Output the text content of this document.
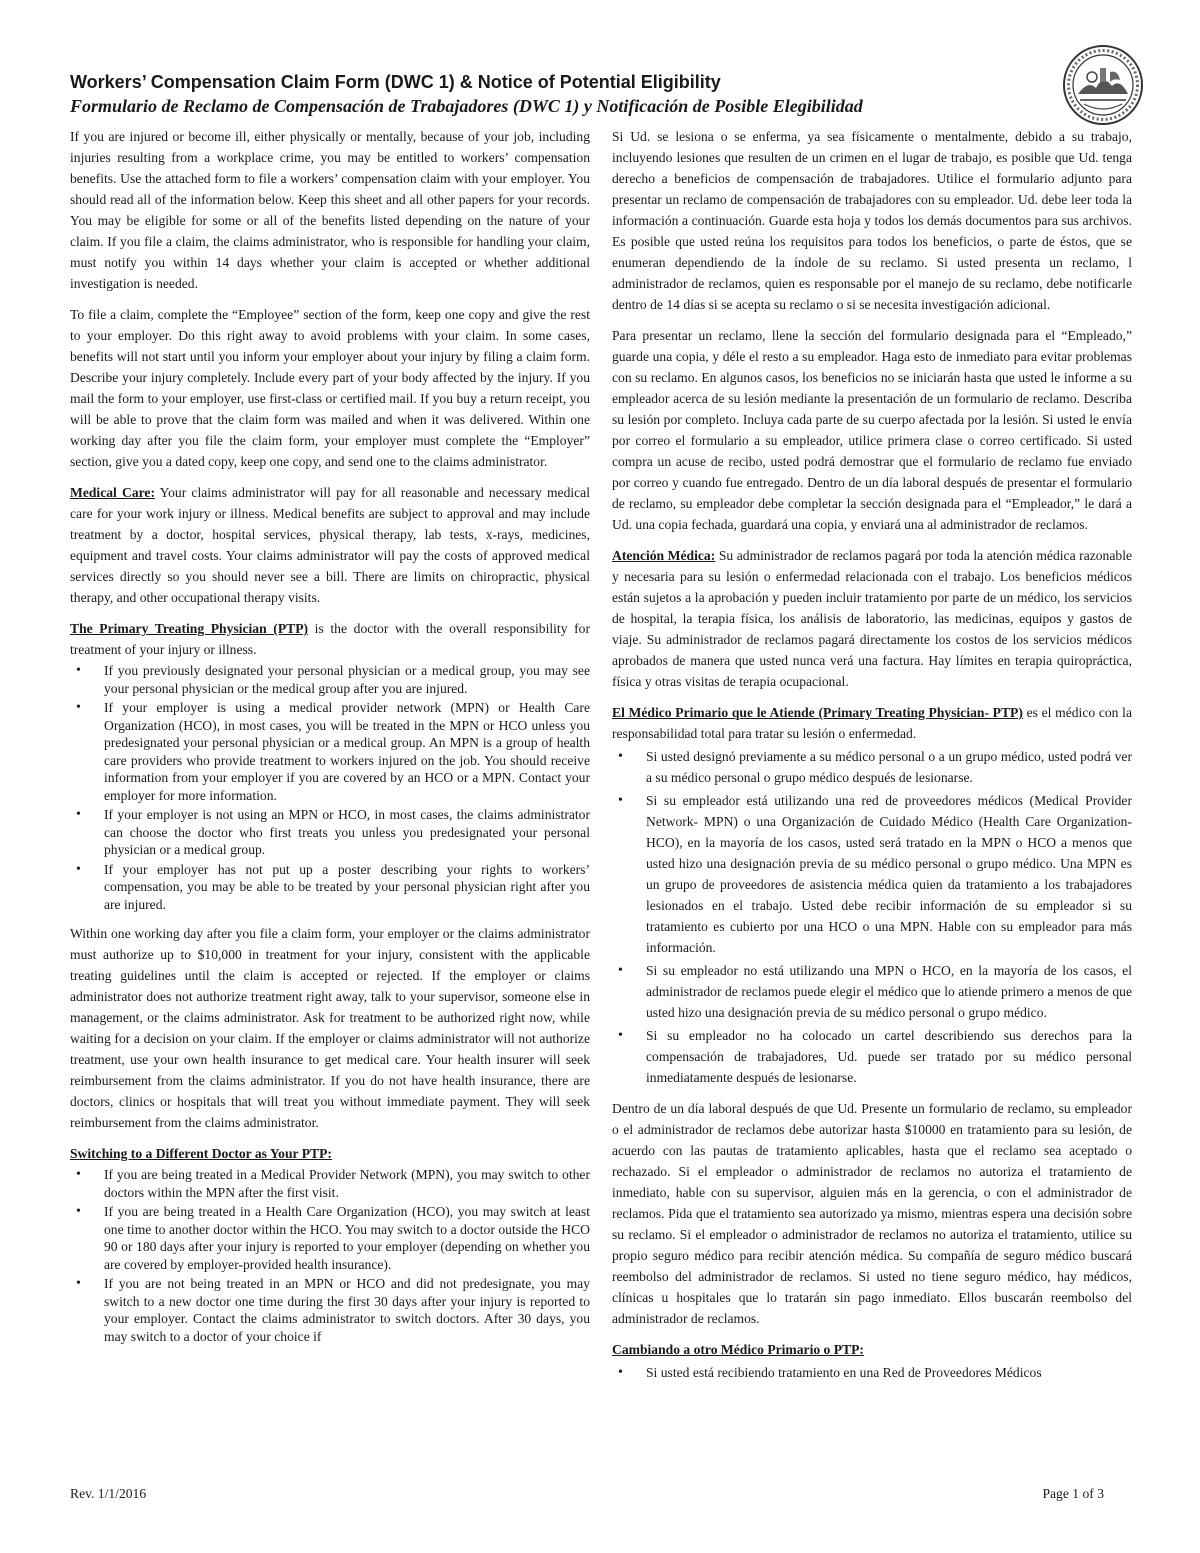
Workers’ Compensation Claim Form (DWC 1) & Notice of Potential Eligibility

Formulario de Reclamo de Compensación de Trabajadores (DWC 1) y Notificación de Posible Elegibilidad

If you are injured or become ill, either physically or mentally, because of your job, including injuries resulting from a workplace crime, you may be entitled to workers’ compensation benefits. Use the attached form to file a workers’ compensation claim with your employer. You should read all of the information below. Keep this sheet and all other papers for your records. You may be eligible for some or all of the benefits listed depending on the nature of your claim. If you file a claim, the claims administrator, who is responsible for handling your claim, must notify you within 14 days whether your claim is accepted or whether additional investigation is needed.

To file a claim, complete the “Employee” section of the form, keep one copy and give the rest to your employer. Do this right away to avoid problems with your claim. In some cases, benefits will not start until you inform your employer about your injury by filing a claim form. Describe your injury completely. Include every part of your body affected by the injury. If you mail the form to your employer, use first-class or certified mail. If you buy a return receipt, you will be able to prove that the claim form was mailed and when it was delivered. Within one working day after you file the claim form, your employer must complete the “Employer” section, give you a dated copy, keep one copy, and send one to the claims administrator.

Medical Care: Your claims administrator will pay for all reasonable and necessary medical care for your work injury or illness. Medical benefits are subject to approval and may include treatment by a doctor, hospital services, physical therapy, lab tests, x-rays, medicines, equipment and travel costs. Your claims administrator will pay the costs of approved medical services directly so you should never see a bill. There are limits on chiropractic, physical therapy, and other occupational therapy visits.

The Primary Treating Physician (PTP) is the doctor with the overall responsibility for treatment of your injury or illness.

• If you previously designated your personal physician or a medical group, you may see your personal physician or the medical group after you are injured.
• If your employer is using a medical provider network (MPN) or Health Care Organization (HCO), in most cases, you will be treated in the MPN or HCO unless you predesignated your personal physician or a medical group. An MPN is a group of health care providers who provide treatment to workers injured on the job. You should receive information from your employer if you are covered by an HCO or a MPN. Contact your employer for more information.
• If your employer is not using an MPN or HCO, in most cases, the claims administrator can choose the doctor who first treats you unless you predesignated your personal physician or a medical group.
• If your employer has not put up a poster describing your rights to workers’ compensation, you may be able to be treated by your personal physician right after you are injured.

Within one working day after you file a claim form, your employer or the claims administrator must authorize up to $10,000 in treatment for your injury, consistent with the applicable treating guidelines until the claim is accepted or rejected. If the employer or claims administrator does not authorize treatment right away, talk to your supervisor, someone else in management, or the claims administrator. Ask for treatment to be authorized right now, while waiting for a decision on your claim. If the employer or claims administrator will not authorize treatment, use your own health insurance to get medical care. Your health insurer will seek reimbursement from the claims administrator. If you do not have health insurance, there are doctors, clinics or hospitals that will treat you without immediate payment. They will seek reimbursement from the claims administrator.

Switching to a Different Doctor as Your PTP:

• If you are being treated in a Medical Provider Network (MPN), you may switch to other doctors within the MPN after the first visit.
• If you are being treated in a Health Care Organization (HCO), you may switch at least one time to another doctor within the HCO. You may switch to a doctor outside the HCO 90 or 180 days after your injury is reported to your employer (depending on whether you are covered by employer-provided health insurance).
• If you are not being treated in an MPN or HCO and did not predesignate, you may switch to a new doctor one time during the first 30 days after your injury is reported to your employer. Contact the claims administrator to switch doctors. After 30 days, you may switch to a doctor of your choice if

Si Ud. se lesiona o se enferma, ya sea físicamente o mentalmente, debido a su trabajo, incluyendo lesiones que resulten de un crimen en el lugar de trabajo, es posible que Ud. tenga derecho a beneficios de compensación de trabajadores. Utilice el formulario adjunto para presentar un reclamo de compensación de trabajadores con su empleador. Ud. debe leer toda la información a continuación. Guarde esta hoja y todos los demás documentos para sus archivos. Es posible que usted reúna los requisitos para todos los beneficios, o parte de éstos, que se enumeran dependiendo de la índole de su reclamo. Si usted presenta un reclamo, l administrador de reclamos, quien es responsable por el manejo de su reclamo, debe notificarle dentro de 14 días si se acepta su reclamo o si se necesita investigación adicional.

Para presentar un reclamo, llene la sección del formulario designada para el “Empleado,” guarde una copia, y déle el resto a su empleador. Haga esto de inmediato para evitar problemas con su reclamo. En algunos casos, los beneficios no se iniciarán hasta que usted le informe a su empleador acerca de su lesión mediante la presentación de un formulario de reclamo. Describa su lesión por completo. Incluya cada parte de su cuerpo afectada por la lesión. Si usted le envía por correo el formulario a su empleador, utilice primera clase o correo certificado. Si usted compra un acuse de recibo, usted podrá demostrar que el formulario de reclamo fue enviado por correo y cuando fue entregado. Dentro de un día laboral después de presentar el formulario de reclamo, su empleador debe completar la sección designada para el “Empleador,” le dará a Ud. una copia fechada, guardará una copia, y enviará una al administrador de reclamos.

Atención Médica: Su administrador de reclamos pagará por toda la atención médica razonable y necesaria para su lesión o enfermedad relacionada con el trabajo. Los beneficios médicos están sujetos a la aprobación y pueden incluir tratamiento por parte de un médico, los servicios de hospital, la terapia física, los análisis de laboratorio, las medicinas, equipos y gastos de viaje. Su administrador de reclamos pagará directamente los costos de los servicios médicos aprobados de manera que usted nunca verá una factura. Hay límites en terapia quiropráctica, física y otras visitas de terapia ocupacional.

El Médico Primario que le Atiende (Primary Treating Physician- PTP) es el médico con la responsabilidad total para tratar su lesión o enfermedad.

• Si usted designó previamente a su médico personal o a un grupo médico, usted podrá ver a su médico personal o grupo médico después de lesionarse.
• Si su empleador está utilizando una red de proveedores médicos (Medical Provider Network- MPN) o una Organización de Cuidado Médico (Health Care Organization- HCO), en la mayoría de los casos, usted será tratado en la MPN o HCO a menos que usted hizo una designación previa de su médico personal o grupo médico. Una MPN es un grupo de proveedores de asistencia médica quien da tratamiento a los trabajadores lesionados en el trabajo. Usted debe recibir información de su empleador si su tratamiento es cubierto por una HCO o una MPN. Hable con su empleador para más información.
• Si su empleador no está utilizando una MPN o HCO, en la mayoría de los casos, el administrador de reclamos puede elegir el médico que lo atiende primero a menos de que usted hizo una designación previa de su médico personal o grupo médico.
• Si su empleador no ha colocado un cartel describiendo sus derechos para la compensación de trabajadores, Ud. puede ser tratado por su médico personal inmediatamente después de lesionarse.

Dentro de un día laboral después de que Ud. Presente un formulario de reclamo, su empleador o el administrador de reclamos debe autorizar hasta $10000 en tratamiento para su lesión, de acuerdo con las pautas de tratamiento aplicables, hasta que el reclamo sea aceptado o rechazado. Si el empleador o administrador de reclamos no autoriza el tratamiento de inmediato, hable con su supervisor, alguien más en la gerencia, o con el administrador de reclamos. Pida que el tratamiento sea autorizado ya mismo, mientras espera una decisión sobre su reclamo. Si el empleador o administrador de reclamos no autoriza el tratamiento, utilice su propio seguro médico para recibir atención médica. Su compañía de seguro médico buscará reembolso del administrador de reclamos. Si usted no tiene seguro médico, hay médicos, clínicas u hospitales que lo tratarán sin pago inmediato. Ellos buscarán reembolso del administrador de reclamos.

Cambiando a otro Médico Primario o PTP:

• Si usted está recibiendo tratamiento en una Red de Proveedores Médicos
Rev. 1/1/2016	Page 1 of 3
